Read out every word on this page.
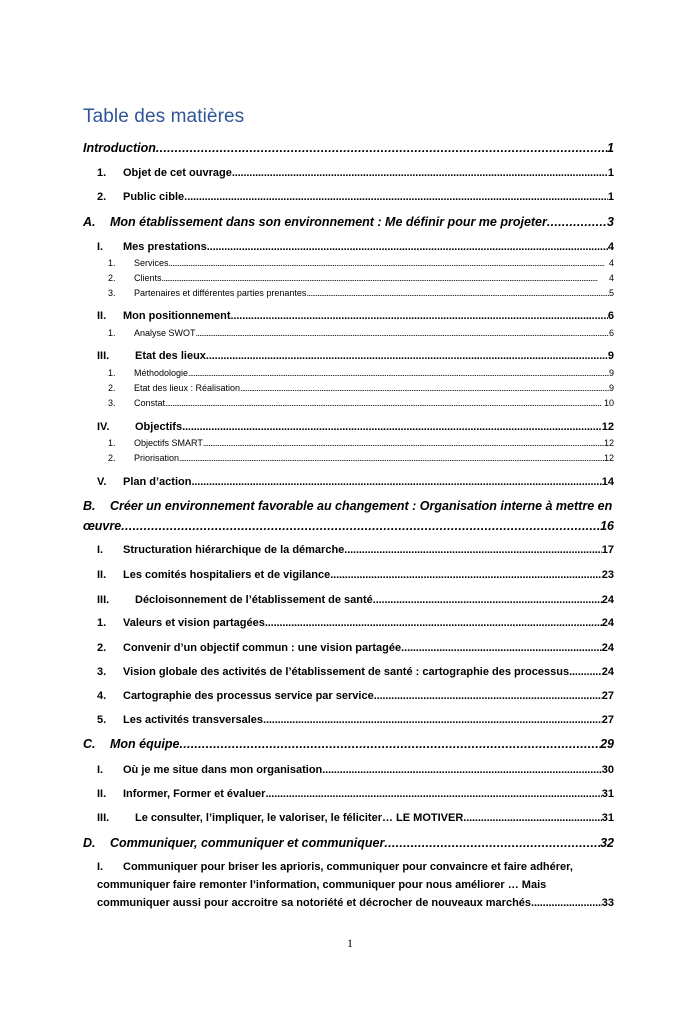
Table des matières
Introduction . . .	1
1.	Objet de cet ouvrage . . .	1
2.	Public cible. . . .	1
A.	Mon établissement dans son environnement : Me définir pour me projeter . . .	3
I.	Mes prestations . . .	4
1.	Services . . .	4
2.	Clients . . .	4
3.	Partenaires et différentes parties prenantes . . .	5
II.	Mon positionnement . . .	6
1.	Analyse SWOT . . .	6
III.	Etat des lieux . . .	9
1.	Méthodologie . . .	9
2.	Etat des lieux : Réalisation . . .	9
3.	Constat . . .	10
IV.	Objectifs . . .	12
1.	Objectifs SMART . . .	12
2.	Priorisation . . .	12
V.	Plan d’action . . .	14
B. Créer un environnement favorable au changement : Organisation interne à mettre en
œuvre . . .	16
I.	Structuration hiérarchique de la démarche . . .	17
II.	Les comités hospitaliers et de vigilance . . .	23
III.	Décloisonnement de l’établissement de santé . . .	24
1.	Valeurs et vision partagées . . .	24
2.	Convenir d’un objectif commun : une vision partagée. . . .	24
3.	Vision globale des activités de l’établissement de santé : cartographie des processus . . .	24
4.	Cartographie des processus service par service . . .	27
5.	Les activités transversales . . .	27
C.	Mon équipe . . .	29
I.	Où je me situe dans mon organisation . . .	30
II.	Informer, Former et évaluer . . .	31
III.	Le consulter, l’impliquer, le valoriser, le féliciter… LE MOTIVER . . .	31
D.	Communiquer, communiquer et communiquer . . .	32
I. Communiquer pour briser les aprioris, communiquer pour convaincre et faire adhérer,
communiquer faire remonter l’information, communiquer pour nous améliorer … Mais
communiquer aussi pour accroitre sa notoriété et décrocher de nouveaux marchés . . .	33
1
